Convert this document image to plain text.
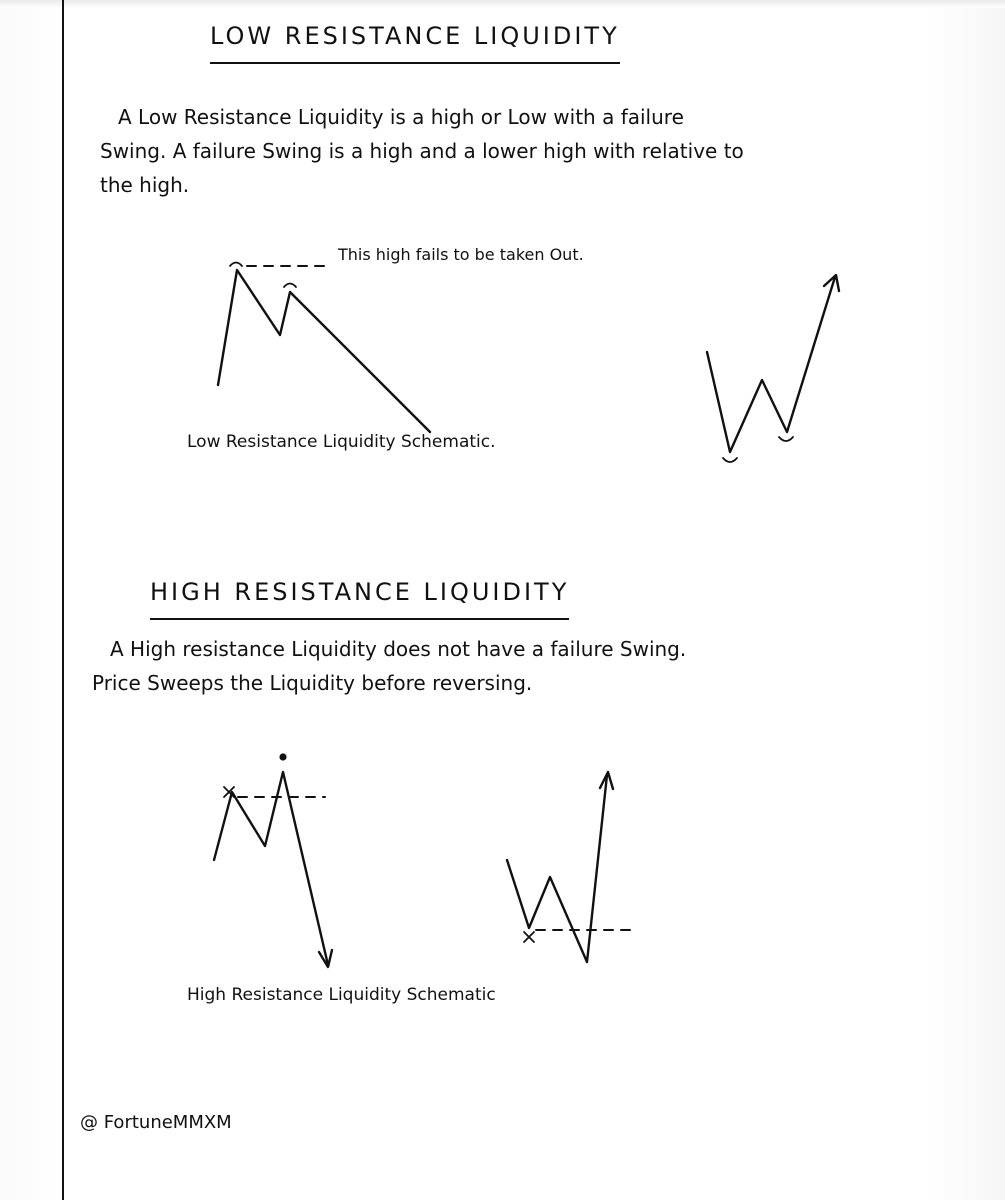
LOW RESISTANCE LIQUIDITY

A Low Resistance Liquidity is a high or Low with a failure
Swing. A failure Swing is a high and a lower high with relative to
the high.

This high fails to be taken Out.
Low Resistance Liquidity Schematic.
HIGH RESISTANCE LIQUIDITY

A High resistance Liquidity does not have a failure Swing.
Price Sweeps the Liquidity before reversing.

High Resistance Liquidity Schematic
@ FortuneMMXM
